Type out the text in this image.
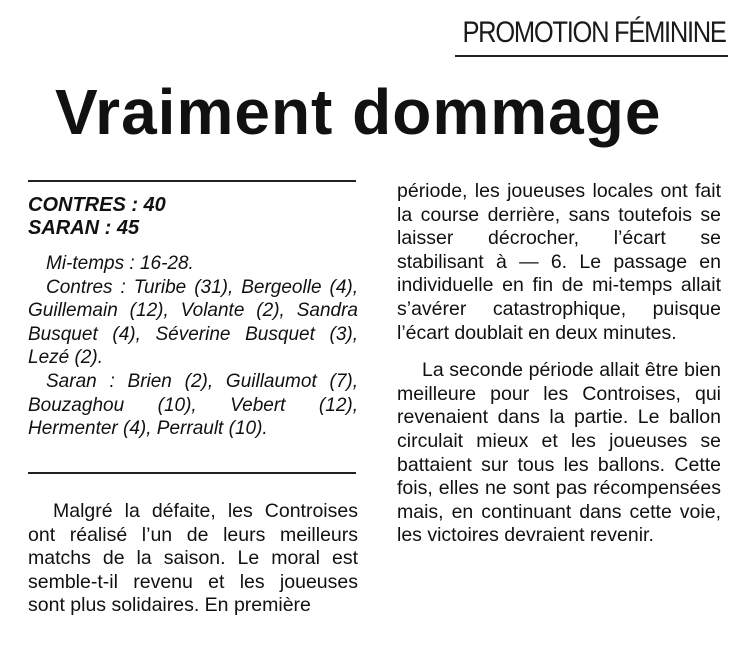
PROMOTION FÉMININE
Vraiment dommage
CONTRES : 40
SARAN : 45

Mi-temps : 16-28.

Contres : Turibe (31), Bergeolle (4), Guillemain (12), Volante (2), Sandra Busquet (4), Séverine Busquet (3), Lezé (2).

Saran : Brien (2), Guillaumot (7), Bouzaghou (10), Vebert (12), Hermenter (4), Perrault (10).

Malgré la défaite, les Controises ont réalisé l’un de leurs meilleurs matchs de la saison. Le moral est semble-t-il revenu et les joueuses sont plus solidaires. En première

période, les joueuses locales ont fait la course derrière, sans toutefois se laisser décrocher, l’écart se stabilisant à — 6. Le passage en individuelle en fin de mi-temps allait s’avérer catastrophique, puisque l’écart doublait en deux minutes.

La seconde période allait être bien meilleure pour les Controises, qui revenaient dans la partie. Le ballon circulait mieux et les joueuses se battaient sur tous les ballons. Cette fois, elles ne sont pas récompensées mais, en continuant dans cette voie, les victoires devraient revenir.
